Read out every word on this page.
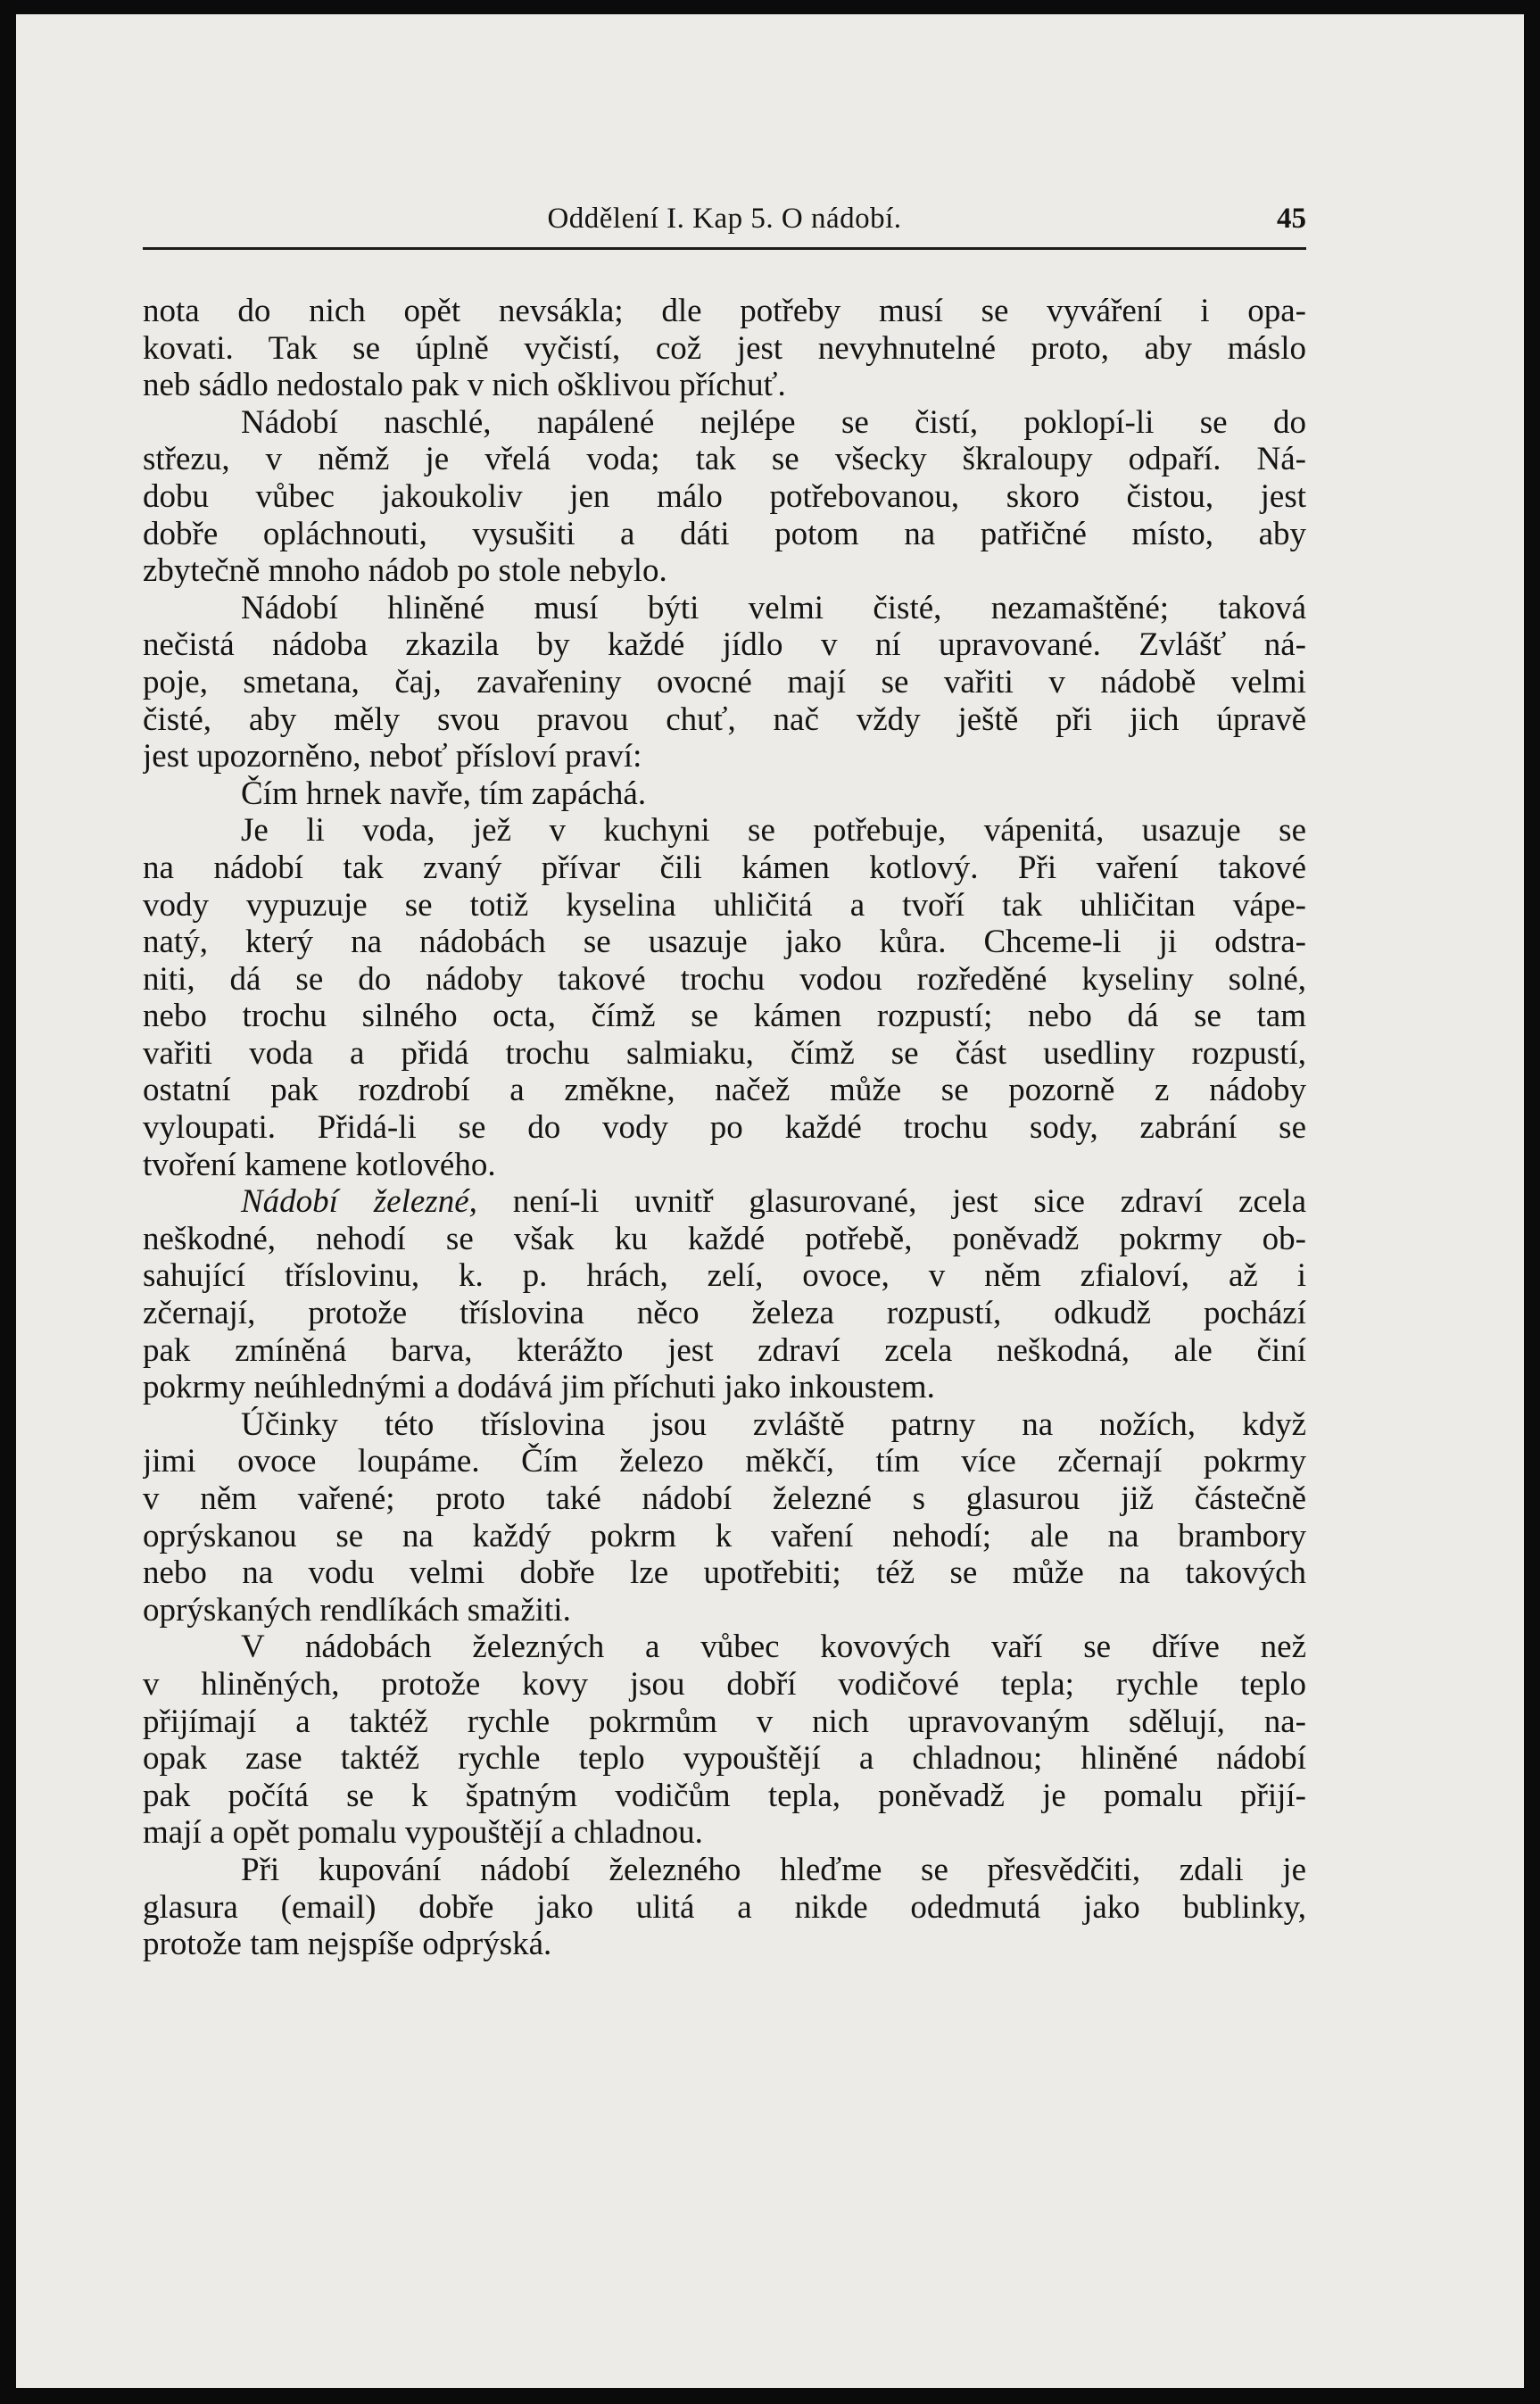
Oddělení I. Kap 5. O nádobí.	45
nota do nich opět nevsákla; dle potřeby musí se vyváření i opa-
kovati. Tak se úplně vyčistí, což jest nevyhnutelné proto, aby máslo
neb sádlo nedostalo pak v nich ošklivou příchuť.
Nádobí naschlé, napálené nejlépe se čistí, poklopí-li se do
střezu, v němž je vřelá voda; tak se všecky škraloupy odpaří. Ná-
dobu vůbec jakoukoliv jen málo potřebovanou, skoro čistou, jest
dobře opláchnouti, vysušiti a dáti potom na patřičné místo, aby
zbytečně mnoho nádob po stole nebylo.
Nádobí hliněné musí býti velmi čisté, nezamaštěné; taková
nečistá nádoba zkazila by každé jídlo v ní upravované. Zvlášť ná-
poje, smetana, čaj, zavařeniny ovocné mají se vařiti v nádobě velmi
čisté, aby měly svou pravou chuť, nač vždy ještě při jich úpravě
jest upozorněno, neboť přísloví praví:
Čím hrnek navře, tím zapáchá.
Je li voda, jež v kuchyni se potřebuje, vápenitá, usazuje se
na nádobí tak zvaný přívar čili kámen kotlový. Při vaření takové
vody vypuzuje se totiž kyselina uhličitá a tvoří tak uhličitan vápe-
natý, který na nádobách se usazuje jako kůra. Chceme-li ji odstra-
niti, dá se do nádoby takové trochu vodou rozředěné kyseliny solné,
nebo trochu silného octa, čímž se kámen rozpustí; nebo dá se tam
vařiti voda a přidá trochu salmiaku, čímž se část usedliny rozpustí,
ostatní pak rozdrobí a změkne, načež může se pozorně z nádoby
vyloupati. Přidá-li se do vody po každé trochu sody, zabrání se
tvoření kamene kotlového.
Nádobí železné, není-li uvnitř glasurované, jest sice zdraví zcela
neškodné, nehodí se však ku každé potřebě, poněvadž pokrmy ob-
sahující tříslovinu, k. p. hrách, zelí, ovoce, v něm zfialoví, až i
zčernají, protože tříslovina něco železa rozpustí, odkudž pochází
pak zmíněná barva, kterážto jest zdraví zcela neškodná, ale činí
pokrmy neúhlednými a dodává jim příchuti jako inkoustem.
Účinky této tříslovina jsou zvláště patrny na nožích, když
jimi ovoce loupáme. Čím železo měkčí, tím více zčernají pokrmy
v něm vařené; proto také nádobí železné s glasurou již částečně
oprýskanou se na každý pokrm k vaření nehodí; ale na brambory
nebo na vodu velmi dobře lze upotřebiti; též se může na takových
oprýskaných rendlíkách smažiti.
V nádobách železných a vůbec kovových vaří se dříve než
v hliněných, protože kovy jsou dobří vodičové tepla; rychle teplo
přijímají a taktéž rychle pokrmům v nich upravovaným sdělují, na-
opak zase taktéž rychle teplo vypouštějí a chladnou; hliněné nádobí
pak počítá se k špatným vodičům tepla, poněvadž je pomalu přijí-
mají a opět pomalu vypouštějí a chladnou.
Při kupování nádobí železného hleďme se přesvědčiti, zdali je
glasura (email) dobře jako ulitá a nikde odedmutá jako bublinky,
protože tam nejspíše odprýská.
